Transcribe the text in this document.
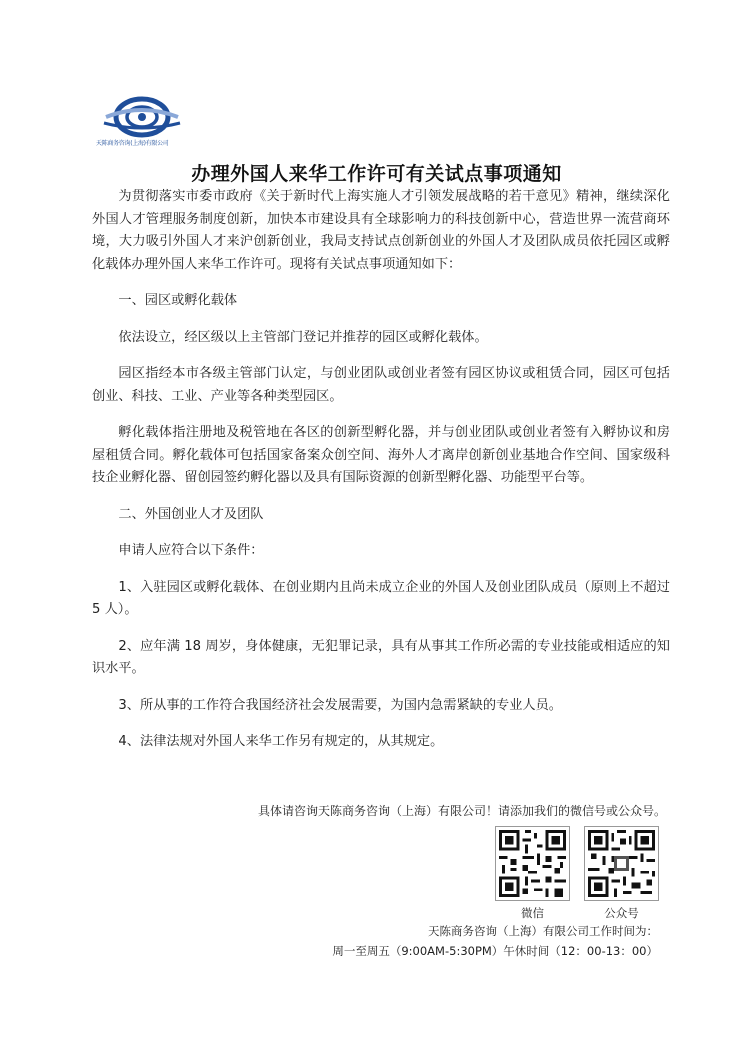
天陈商务咨询(上海)有限公司
办理外国人来华工作许可有关试点事项通知

为贯彻落实市委市政府《关于新时代上海实施人才引领发展战略的若干意见》精神，继续深化外国人才管理服务制度创新，加快本市建设具有全球影响力的科技创新中心，营造世界一流营商环境，大力吸引外国人才来沪创新创业，我局支持试点创新创业的外国人才及团队成员依托园区或孵化载体办理外国人来华工作许可。现将有关试点事项通知如下：

一、园区或孵化载体

依法设立，经区级以上主管部门登记并推荐的园区或孵化载体。

园区指经本市各级主管部门认定，与创业团队或创业者签有园区协议或租赁合同，园区可包括创业、科技、工业、产业等各种类型园区。

孵化载体指注册地及税管地在各区的创新型孵化器，并与创业团队或创业者签有入孵协议和房屋租赁合同。孵化载体可包括国家备案众创空间、海外人才离岸创新创业基地合作空间、国家级科技企业孵化器、留创园签约孵化器以及具有国际资源的创新型孵化器、功能型平台等。

二、外国创业人才及团队

申请人应符合以下条件：

1、入驻园区或孵化载体、在创业期内且尚未成立企业的外国人及创业团队成员（原则上不超过 5 人）。

2、应年满 18 周岁，身体健康，无犯罪记录，具有从事其工作所必需的专业技能或相适应的知识水平。

3、所从事的工作符合我国经济社会发展需要，为国内急需紧缺的专业人员。

4、法律法规对外国人来华工作另有规定的，从其规定。

具体请咨询天陈商务咨询（上海）有限公司！请添加我们的微信号或公众号。
微信	公众号
天陈商务咨询（上海）有限公司工作时间为：
周一至周五（9:00AM-5:30PM）午休时间（12：00-13：00）
